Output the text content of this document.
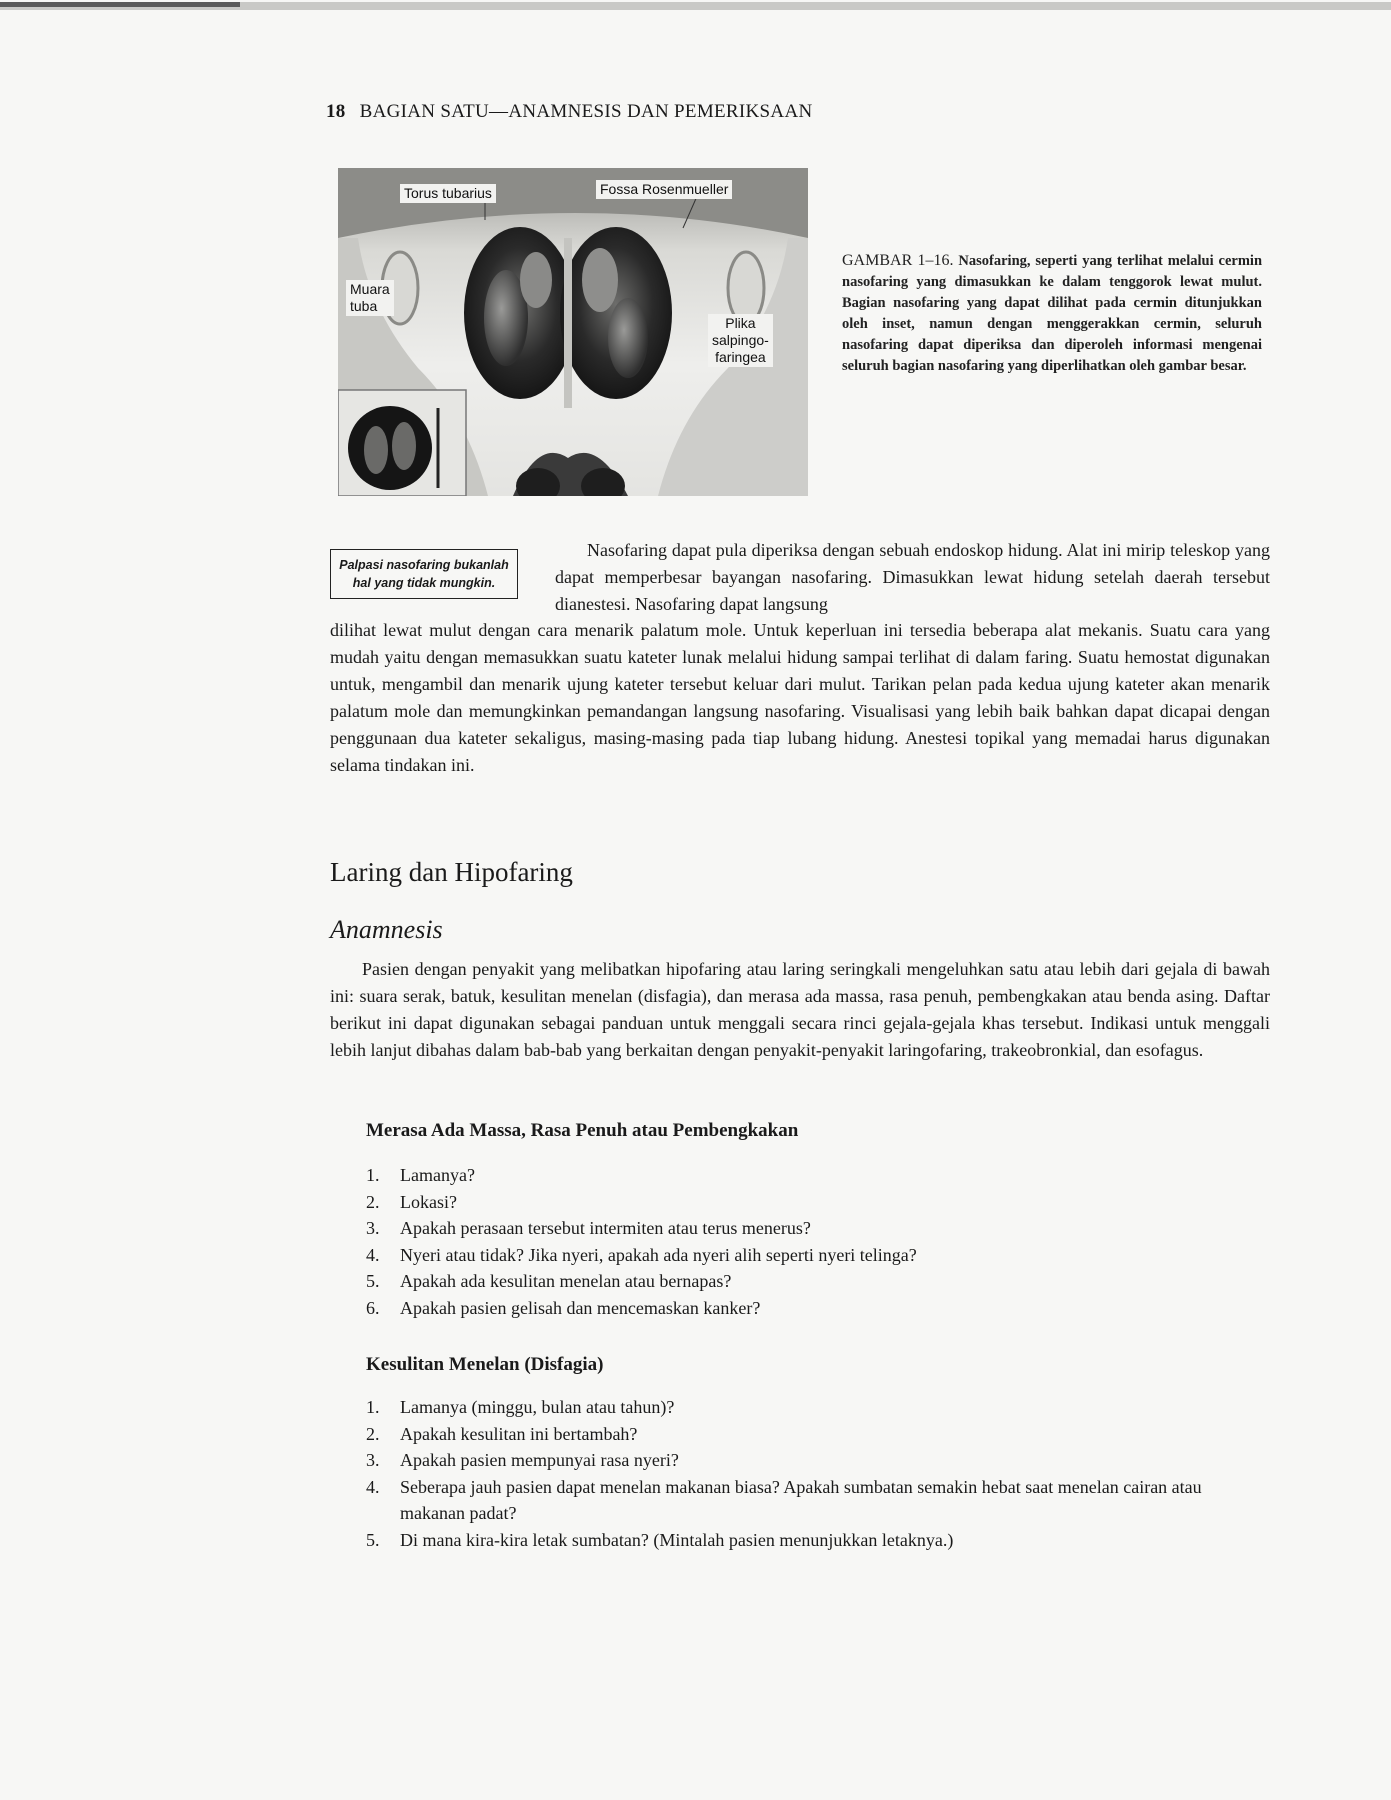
18 BAGIAN SATU—ANAMNESIS DAN PEMERIKSAAN
Torus tubarius	Fossa Rosenmueller
Muara
tuba
Plika
salpingo-
faringea
GAMBAR 1–16. Nasofaring, seperti yang terlihat melalui cermin nasofaring yang dimasukkan ke dalam tenggorok lewat mulut. Bagian nasofaring yang dapat dilihat pada cermin ditunjukkan oleh inset, namun dengan menggerakkan cermin, seluruh nasofaring dapat diperiksa dan diperoleh informasi mengenai seluruh bagian nasofaring yang diperlihatkan oleh gambar besar.
Palpasi nasofaring bukanlah hal yang tidak mungkin.
Nasofaring dapat pula diperiksa dengan sebuah endoskop hidung. Alat ini mirip teleskop yang dapat memperbesar bayangan nasofaring. Dimasukkan lewat hidung setelah daerah tersebut dianestesi. Nasofaring dapat langsung
dilihat lewat mulut dengan cara menarik palatum mole. Untuk keperluan ini tersedia beberapa alat mekanis. Suatu cara yang mudah yaitu dengan memasukkan suatu kateter lunak melalui hidung sampai terlihat di dalam faring. Suatu hemostat digunakan untuk, mengambil dan menarik ujung kateter tersebut keluar dari mulut. Tarikan pelan pada kedua ujung kateter akan menarik palatum mole dan memungkinkan pemandangan langsung nasofaring. Visualisasi yang lebih baik bahkan dapat dicapai dengan penggunaan dua kateter sekaligus, masing-masing pada tiap lubang hidung. Anestesi topikal yang memadai harus digunakan selama tindakan ini.
Laring dan Hipofaring
Anamnesis
Pasien dengan penyakit yang melibatkan hipofaring atau laring seringkali mengeluhkan satu atau lebih dari gejala di bawah ini: suara serak, batuk, kesulitan menelan (disfagia), dan merasa ada massa, rasa penuh, pembengkakan atau benda asing. Daftar berikut ini dapat digunakan sebagai panduan untuk menggali secara rinci gejala-gejala khas tersebut. Indikasi untuk menggali lebih lanjut dibahas dalam bab-bab yang berkaitan dengan penyakit-penyakit laringofaring, trakeobronkial, dan esofagus.
Merasa Ada Massa, Rasa Penuh atau Pembengkakan
1.	Lamanya?
2.	Lokasi?
3.	Apakah perasaan tersebut intermiten atau terus menerus?
4.	Nyeri atau tidak? Jika nyeri, apakah ada nyeri alih seperti nyeri telinga?
5.	Apakah ada kesulitan menelan atau bernapas?
6.	Apakah pasien gelisah dan mencemaskan kanker?
Kesulitan Menelan (Disfagia)
1.	Lamanya (minggu, bulan atau tahun)?
2.	Apakah kesulitan ini bertambah?
3.	Apakah pasien mempunyai rasa nyeri?
4.	Seberapa jauh pasien dapat menelan makanan biasa? Apakah sumbatan semakin hebat saat menelan cairan atau makanan padat?
5.	Di mana kira-kira letak sumbatan? (Mintalah pasien menunjukkan letaknya.)
